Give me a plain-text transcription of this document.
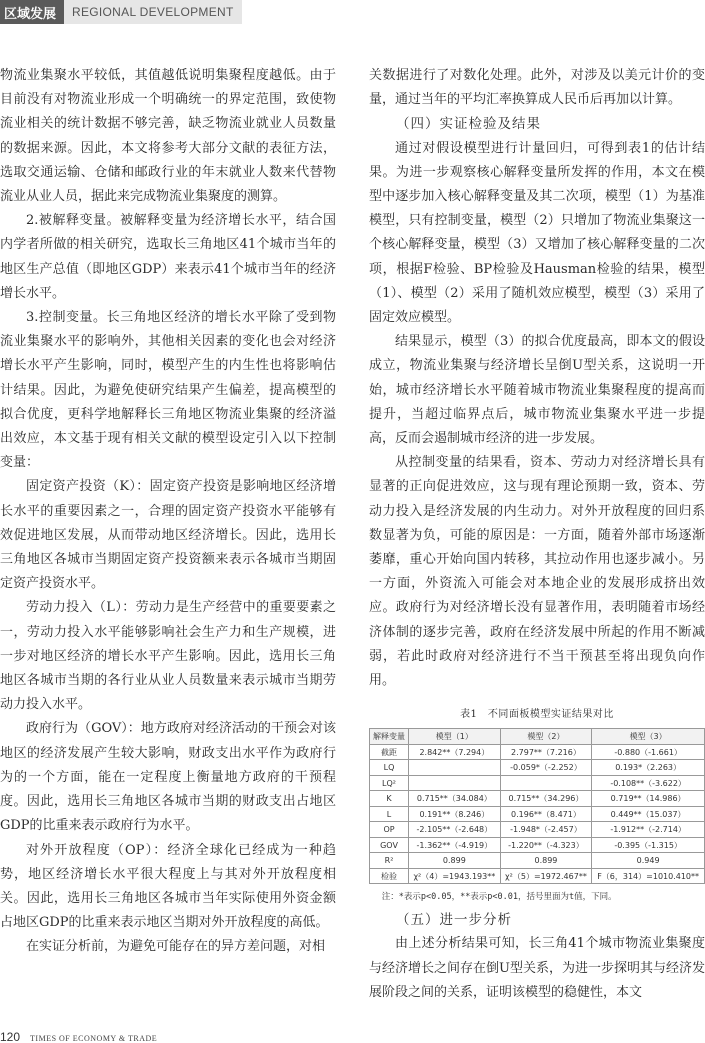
区域发展	REGIONAL DEVELOPMENT

物流业集聚水平较低，其值越低说明集聚程度越低。由于目前没有对物流业形成一个明确统一的界定范围，致使物流业相关的统计数据不够完善，缺乏物流业就业人员数量的数据来源。因此，本文将参考大部分文献的表征方法，选取交通运输、仓储和邮政行业的年末就业人数来代替物流业从业人员，据此来完成物流业集聚度的测算。

2.被解释变量。被解释变量为经济增长水平，结合国内学者所做的相关研究，选取长三角地区41个城市当年的地区生产总值（即地区GDP）来表示41个城市当年的经济增长水平。

3.控制变量。长三角地区经济的增长水平除了受到物流业集聚水平的影响外，其他相关因素的变化也会对经济增长水平产生影响，同时，模型产生的内生性也将影响估计结果。因此，为避免使研究结果产生偏差，提高模型的拟合优度，更科学地解释长三角地区物流业集聚的经济溢出效应，本文基于现有相关文献的模型设定引入以下控制变量：

固定资产投资（K）：固定资产投资是影响地区经济增长水平的重要因素之一，合理的固定资产投资水平能够有效促进地区发展，从而带动地区经济增长。因此，选用长三角地区各城市当期固定资产投资额来表示各城市当期固定资产投资水平。

劳动力投入（L）：劳动力是生产经营中的重要要素之一，劳动力投入水平能够影响社会生产力和生产规模，进一步对地区经济的增长水平产生影响。因此，选用长三角地区各城市当期的各行业从业人员数量来表示城市当期劳动力投入水平。

政府行为（GOV）：地方政府对经济活动的干预会对该地区的经济发展产生较大影响，财政支出水平作为政府行为的一个方面，能在一定程度上衡量地方政府的干预程度。因此，选用长三角地区各城市当期的财政支出占地区GDP的比重来表示政府行为水平。

对外开放程度（OP）：经济全球化已经成为一种趋势，地区经济增长水平很大程度上与其对外开放程度相关。因此，选用长三角地区各城市当年实际使用外资金额占地区GDP的比重来表示地区当期对外开放程度的高低。

在实证分析前，为避免可能存在的异方差问题，对相

关数据进行了对数化处理。此外，对涉及以美元计价的变量，通过当年的平均汇率换算成人民币后再加以计算。

（四）实证检验及结果

通过对假设模型进行计量回归，可得到表1的估计结果。为进一步观察核心解释变量所发挥的作用，本文在模型中逐步加入核心解释变量及其二次项，模型（1）为基准模型，只有控制变量，模型（2）只增加了物流业集聚这一个核心解释变量，模型（3）又增加了核心解释变量的二次项，根据F检验、BP检验及Hausman检验的结果，模型（1）、模型（2）采用了随机效应模型，模型（3）采用了固定效应模型。

结果显示，模型（3）的拟合优度最高，即本文的假设成立，物流业集聚与经济增长呈倒U型关系，这说明一开始，城市经济增长水平随着城市物流业集聚程度的提高而提升，当超过临界点后，城市物流业集聚水平进一步提高，反而会遏制城市经济的进一步发展。

从控制变量的结果看，资本、劳动力对经济增长具有显著的正向促进效应，这与现有理论预期一致，资本、劳动力投入是经济发展的内生动力。对外开放程度的回归系数显著为负，可能的原因是：一方面，随着外部市场逐渐萎靡，重心开始向国内转移，其拉动作用也逐步减小。另一方面，外资流入可能会对本地企业的发展形成挤出效应。政府行为对经济增长没有显著作用，表明随着市场经济体制的逐步完善，政府在经济发展中所起的作用不断减弱，若此时政府对经济进行不当干预甚至将出现负向作用。

表1　不同面板模型实证结果对比
解释变量	模型（1）	模型（2）	模型（3）
截距	2.842**（7.294）	2.797**（7.216）	-0.880（-1.661）
LQ		-0.059*（-2.252）	0.193*（2.263）
LQ²			-0.108**（-3.622）
K	0.715**（34.084）	0.715**（34.296）	0.719**（14.986）
L	0.191**（8.246）	0.196**（8.471）	0.449**（15.037）
OP	-2.105**（-2.648）	-1.948*（-2.457）	-1.912**（-2.714）
GOV	-1.362**（-4.919）	-1.220**（-4.323）	-0.395（-1.315）
R²	0.899	0.899	0.949
检验	χ²（4）=1943.193**	χ²（5）=1972.467**	F（6，314）=1010.410**
注：*表示p<0.05，**表示p<0.01，括号里面为t值，下同。

（五）进一步分析

由上述分析结果可知，长三角41个城市物流业集聚度与经济增长之间存在倒U型关系，为进一步探明其与经济发展阶段之间的关系，证明该模型的稳健性，本文

120 TIMES OF ECONOMY & TRADE
